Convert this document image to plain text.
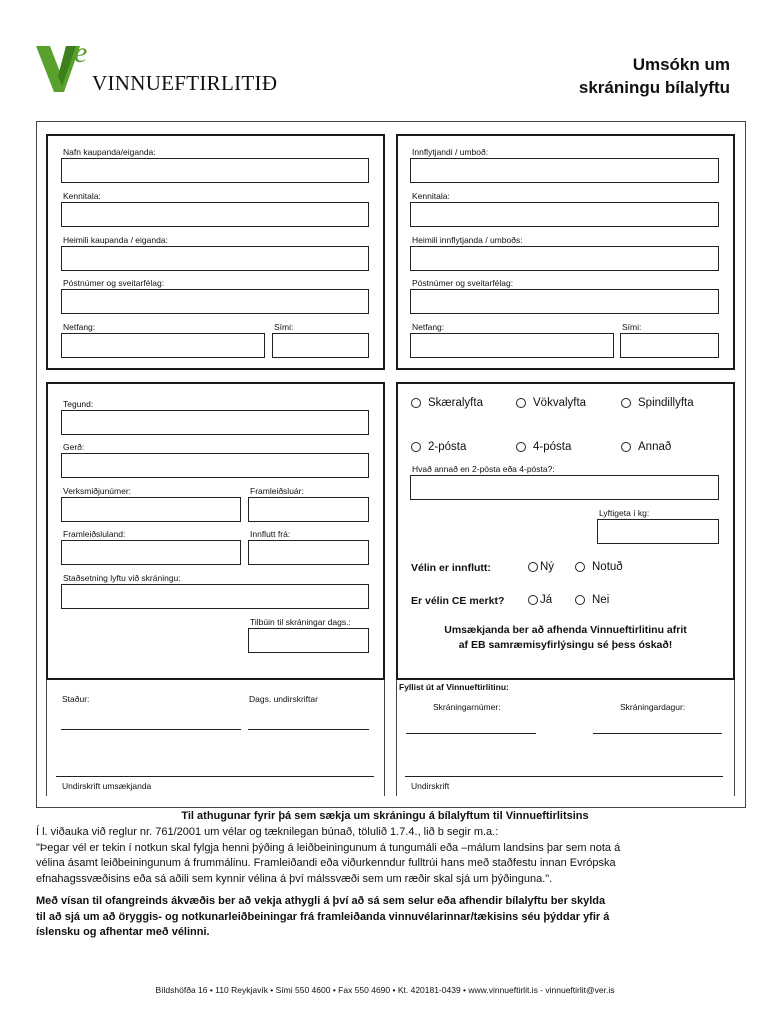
e
VINNUEFTIRLITIÐ
Umsókn um
skráningu bílalyftu
Nafn kaupanda/eiganda:
Kennitala:
Heimili kaupanda / eiganda:
Póstnúmer og sveitarfélag:
Netfang:	Sími:
Innflytjandi / umboð:
Kennitala:
Heimili innflytjanda / umboðs:
Póstnúmer og sveitarfélag:
Netfang:	Sími:
Tegund:
Gerð:
Verksmiðjunúmer:	Framleiðsluár:
Framleiðsluland:	Innflutt frá:
Staðsetning lyftu við skráningu:
Tilbúin til skráningar dags.:
Skæralyfta	Vökvalyfta	Spindillyfta
2-pósta	4-pósta	Annað
Hvað annað en 2-pósta eða 4-pósta?:
Lyftigeta í kg:
Vélin er innflutt:	Ný	Notuð
Er vélin CE merkt?	Já	Nei
Umsækjanda ber að afhenda Vinnueftirlitinu afrit
af EB samræmisyfirlýsingu sé þess óskað!
Staður:	Dags. undirskriftar
Undirskrift umsækjanda
Fyllist út af Vinnueftirlitinu:
Skráningarnúmer:	Skráningardagur:
Undirskrift
Til athugunar fyrir þá sem sækja um skráningu á bílalyftum til Vinnueftirlitsins

Í l. viðauka við reglur nr. 761/2001 um vélar og tæknilegan búnað, tölulið 1.7.4., lið b segir m.a.:

"Þegar vél er tekin í notkun skal fylgja henni þýðing á leiðbeiningunum á tungumáli eða –málum landsins þar sem nota á

vélina ásamt leiðbeiningunum á frummálinu. Framleiðandi eða viðurkenndur fulltrúi hans með staðfestu innan Evrópska

efnahagssvæðisins eða sá aðili sem kynnir vélina á því málssvæði sem um ræðir skal sjá um þýðinguna.".

Með vísan til ofangreinds ákvæðis ber að vekja athygli á því að sá sem selur eða afhendir bílalyftu ber skylda

til að sjá um að öryggis- og notkunarleiðbeiningar frá framleiðanda vinnuvélarinnar/tækisins séu þýddar yfir á

íslensku og afhentar með vélinni.

Bíldshöfða 16 • 110 Reykjavík • Sími 550 4600 • Fax 550 4690 • Kt. 420181-0439 • www.vinnueftirlit.is - vinnueftirlit@ver.is
